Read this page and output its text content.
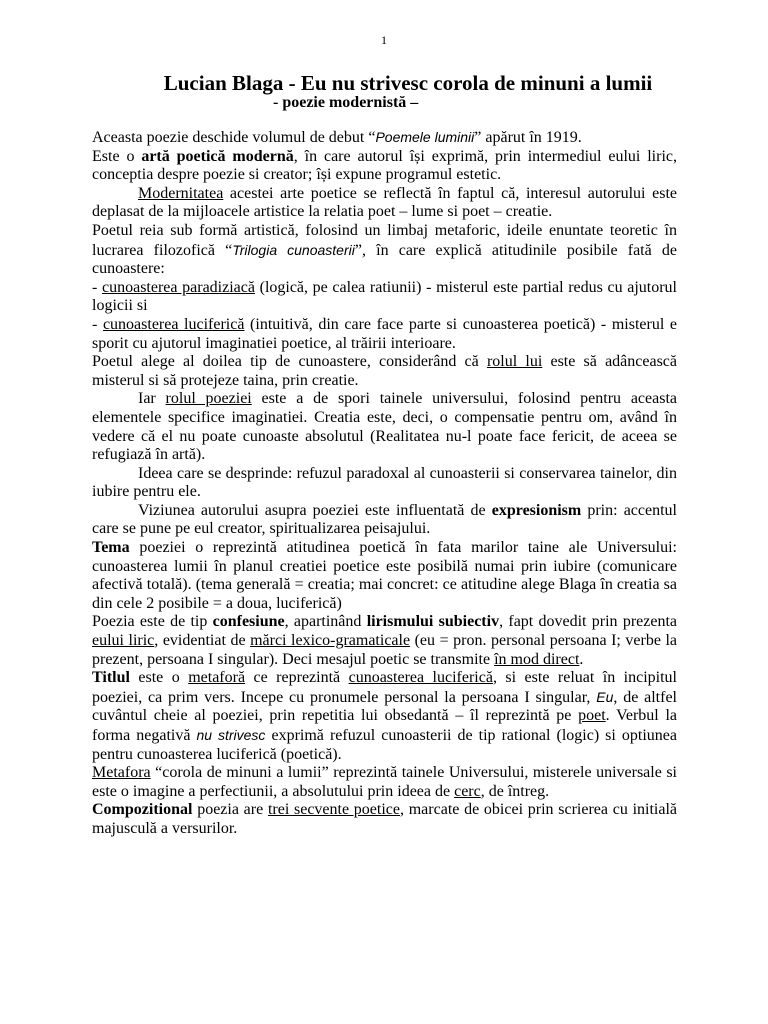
1
Lucian Blaga - Eu nu strivesc corola de minuni a lumii
- poezie modernistă –

Aceasta poezie deschide volumul de debut “Poemele luminii” apărut în 1919.

Este o artă poetică modernă, în care autorul își exprimă, prin intermediul eului liric, conceptia despre poezie si creator; își expune programul estetic.

Modernitatea acestei arte poetice se reflectă în faptul că, interesul autorului este deplasat de la mijloacele artistice la relatia poet – lume si poet – creatie.

Poetul reia sub formă artistică, folosind un limbaj metaforic, ideile enuntate teoretic în lucrarea filozofică “Trilogia cunoasterii”, în care explică atitudinile posibile fată de cunoastere:

- cunoasterea paradiziacă (logică, pe calea ratiunii) - misterul este partial redus cu ajutorul logicii si

- cunoasterea luciferică (intuitivă, din care face parte si cunoasterea poetică) - misterul e sporit cu ajutorul imaginatiei poetice, al trăirii interioare.

Poetul alege al doilea tip de cunoastere, considerând că rolul lui este să adâncească misterul si să protejeze taina, prin creatie.

Iar rolul poeziei este a de spori tainele universului, folosind pentru aceasta elementele specifice imaginatiei. Creatia este, deci, o compensatie pentru om, având în vedere că el nu poate cunoaste absolutul (Realitatea nu-l poate face fericit, de aceea se refugiază în artă).

Ideea care se desprinde: refuzul paradoxal al cunoasterii si conservarea tainelor, din iubire pentru ele.

Viziunea autorului asupra poeziei este influentată de expresionism prin: accentul care se pune pe eul creator, spiritualizarea peisajului.

Tema poeziei o reprezintă atitudinea poetică în fata marilor taine ale Universului: cunoasterea lumii în planul creatiei poetice este posibilă numai prin iubire (comunicare afectivă totală). (tema generală = creatia; mai concret: ce atitudine alege Blaga în creatia sa din cele 2 posibile = a doua, luciferică)

Poezia este de tip confesiune, apartinând lirismului subiectiv, fapt dovedit prin prezenta eului liric, evidentiat de mărci lexico-gramaticale (eu = pron. personal persoana I; verbe la prezent, persoana I singular). Deci mesajul poetic se transmite în mod direct.

Titlul este o metaforă ce reprezintă cunoasterea luciferică, si este reluat în incipitul poeziei, ca prim vers. Incepe cu pronumele personal la persoana I singular, Eu, de altfel cuvântul cheie al poeziei, prin repetitia lui obsedantă – îl reprezintă pe poet. Verbul la forma negativă nu strivesc exprimă refuzul cunoasterii de tip rational (logic) si optiunea pentru cunoasterea luciferică (poetică).

Metafora “corola de minuni a lumii” reprezintă tainele Universului, misterele universale si este o imagine a perfectiunii, a absolutului prin ideea de cerc, de întreg.

Compozitional poezia are trei secvente poetice, marcate de obicei prin scrierea cu initială majusculă a versurilor.
